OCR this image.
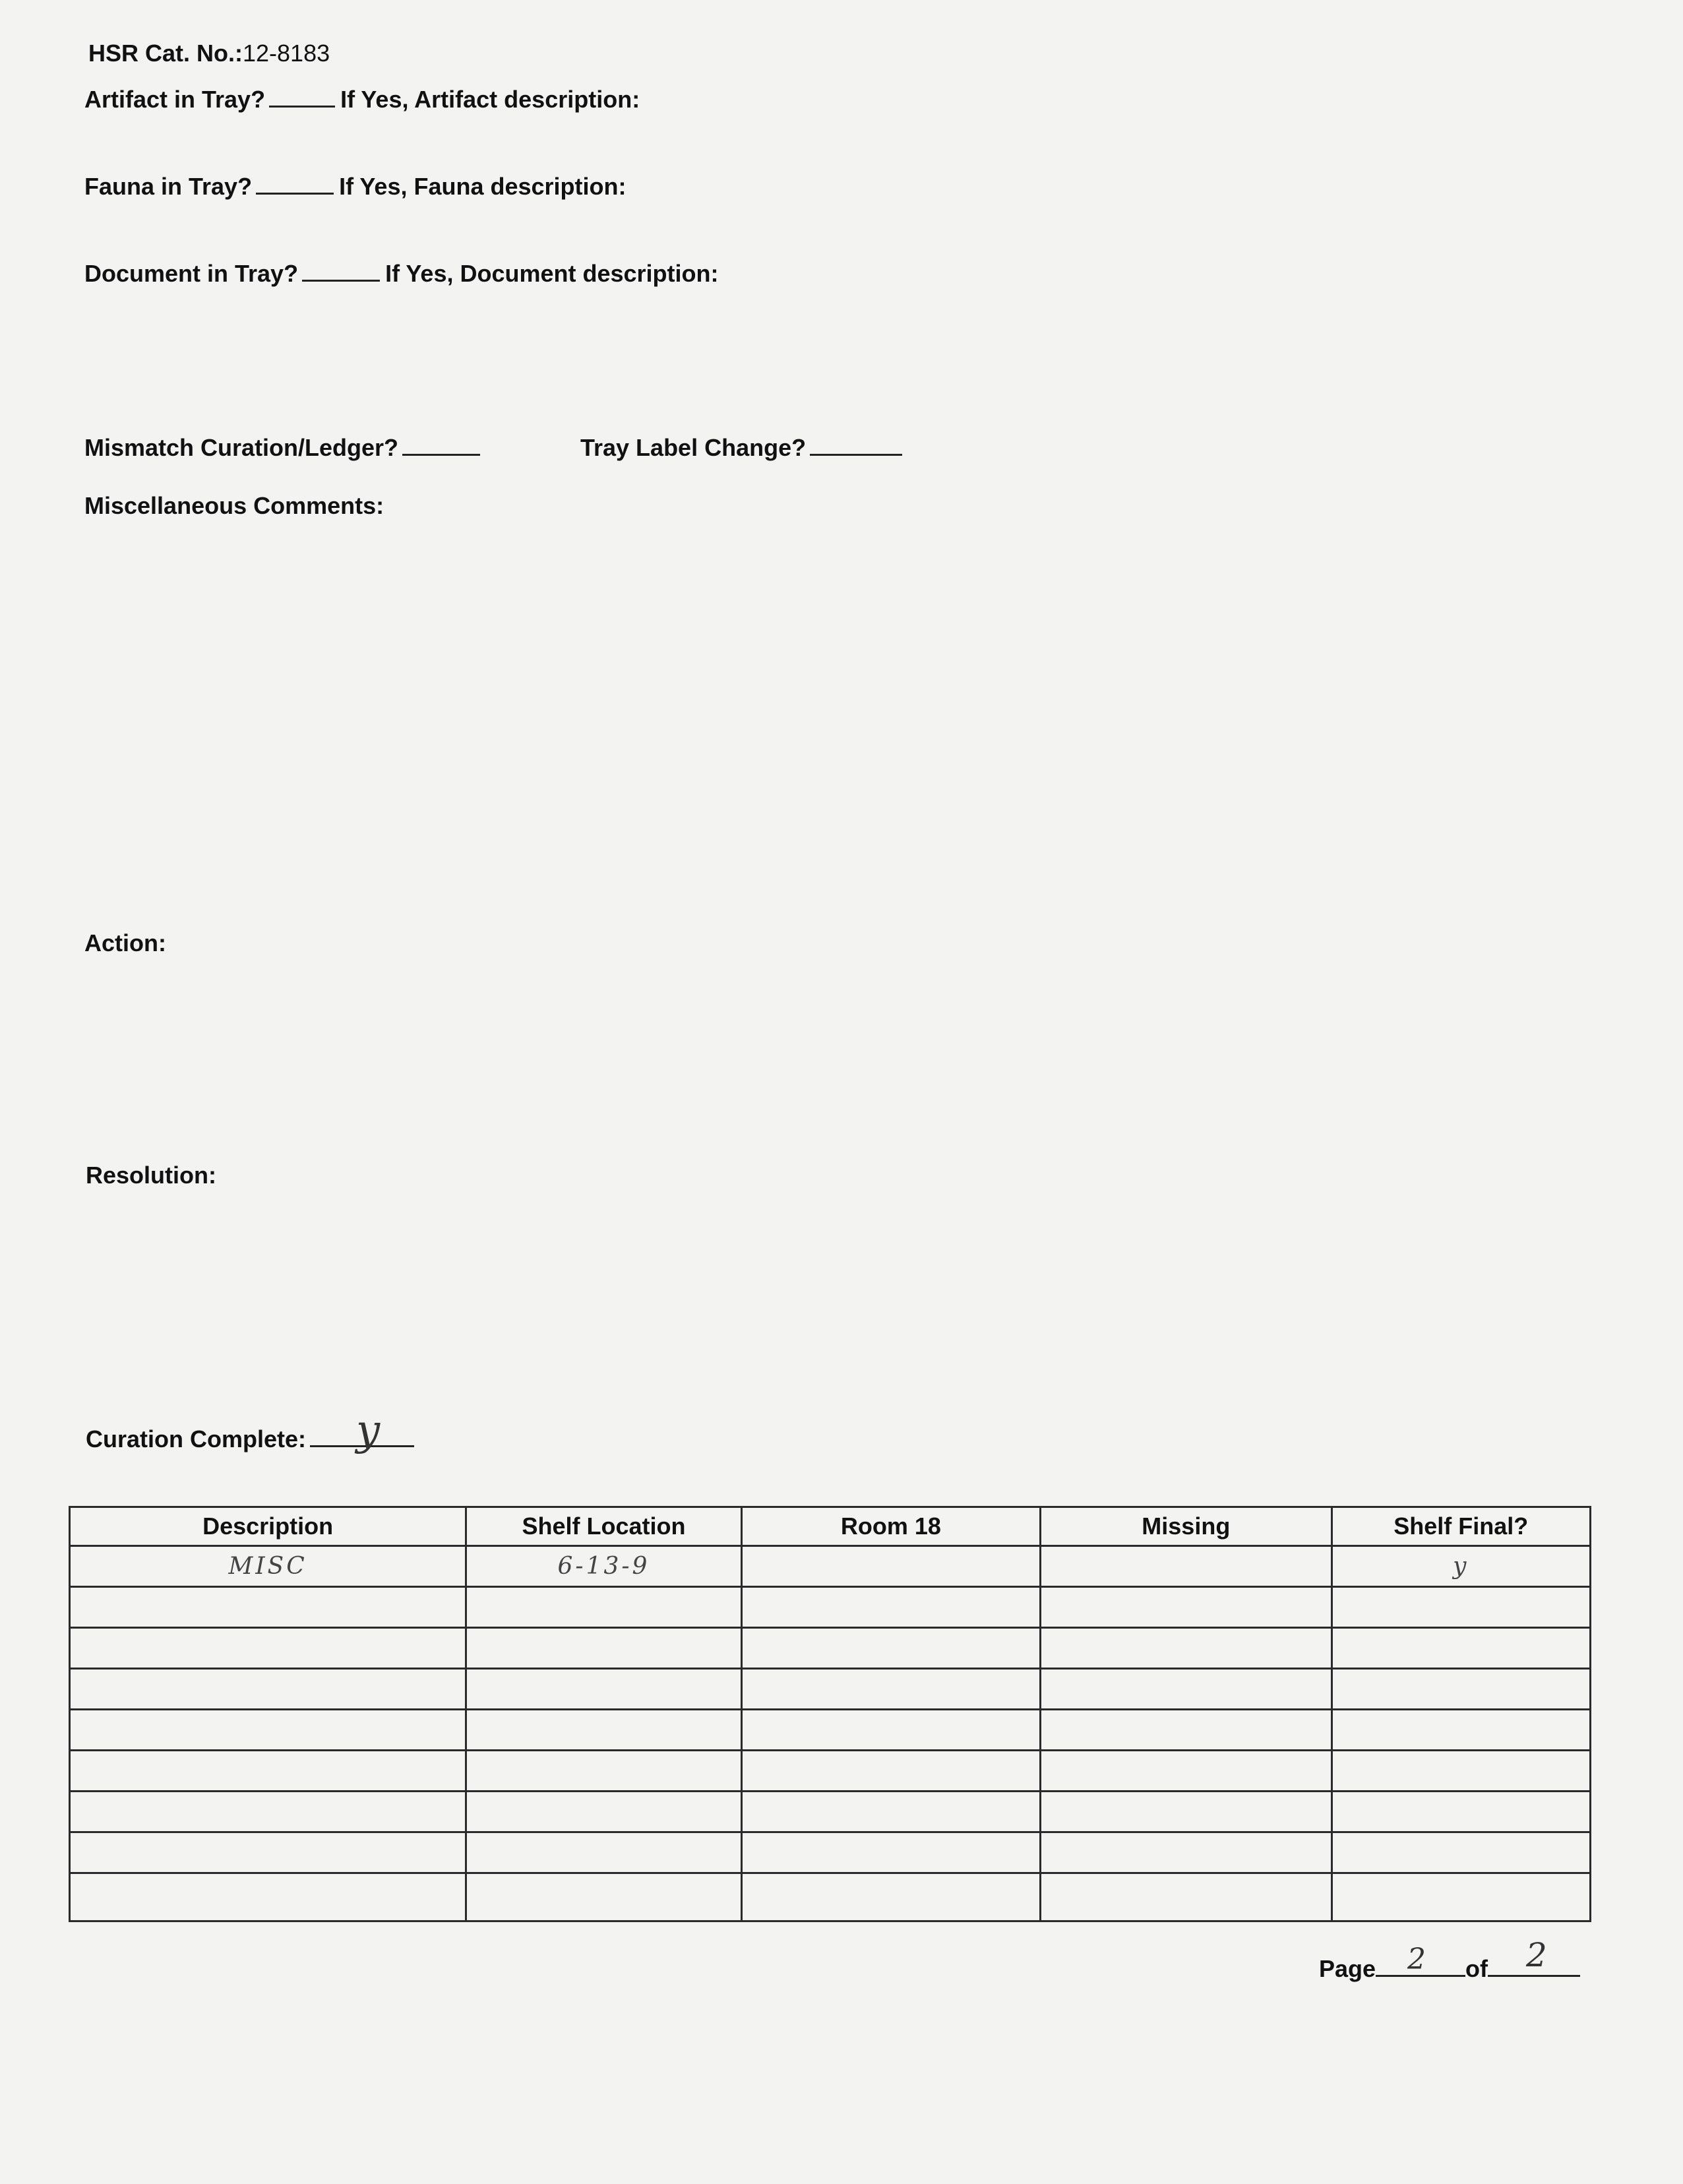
HSR Cat. No.:12-8183
Artifact in Tray?	If Yes, Artifact description:
Fauna in Tray?	If Yes, Fauna description:
Document in Tray?	If Yes, Document description:
Mismatch Curation/Ledger?	Tray Label Change?
Miscellaneous Comments:
Action:
Resolution:
Curation Complete: y
Description	Shelf Location	Room 18	Missing	Shelf Final?
MISC	6-13-9			y

Page 2 of 2
